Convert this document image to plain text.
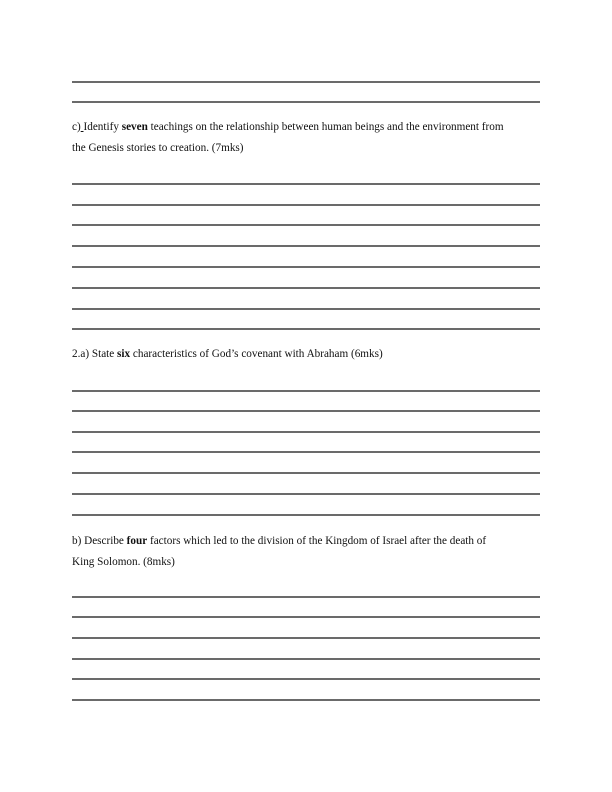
c) Identify seven teachings on the relationship between human beings and the environment from
the Genesis stories to creation. (7mks)
2.a) State six characteristics of God’s covenant with Abraham (6mks)
b) Describe four factors which led to the division of the Kingdom of Israel after the death of
King Solomon. (8mks)
